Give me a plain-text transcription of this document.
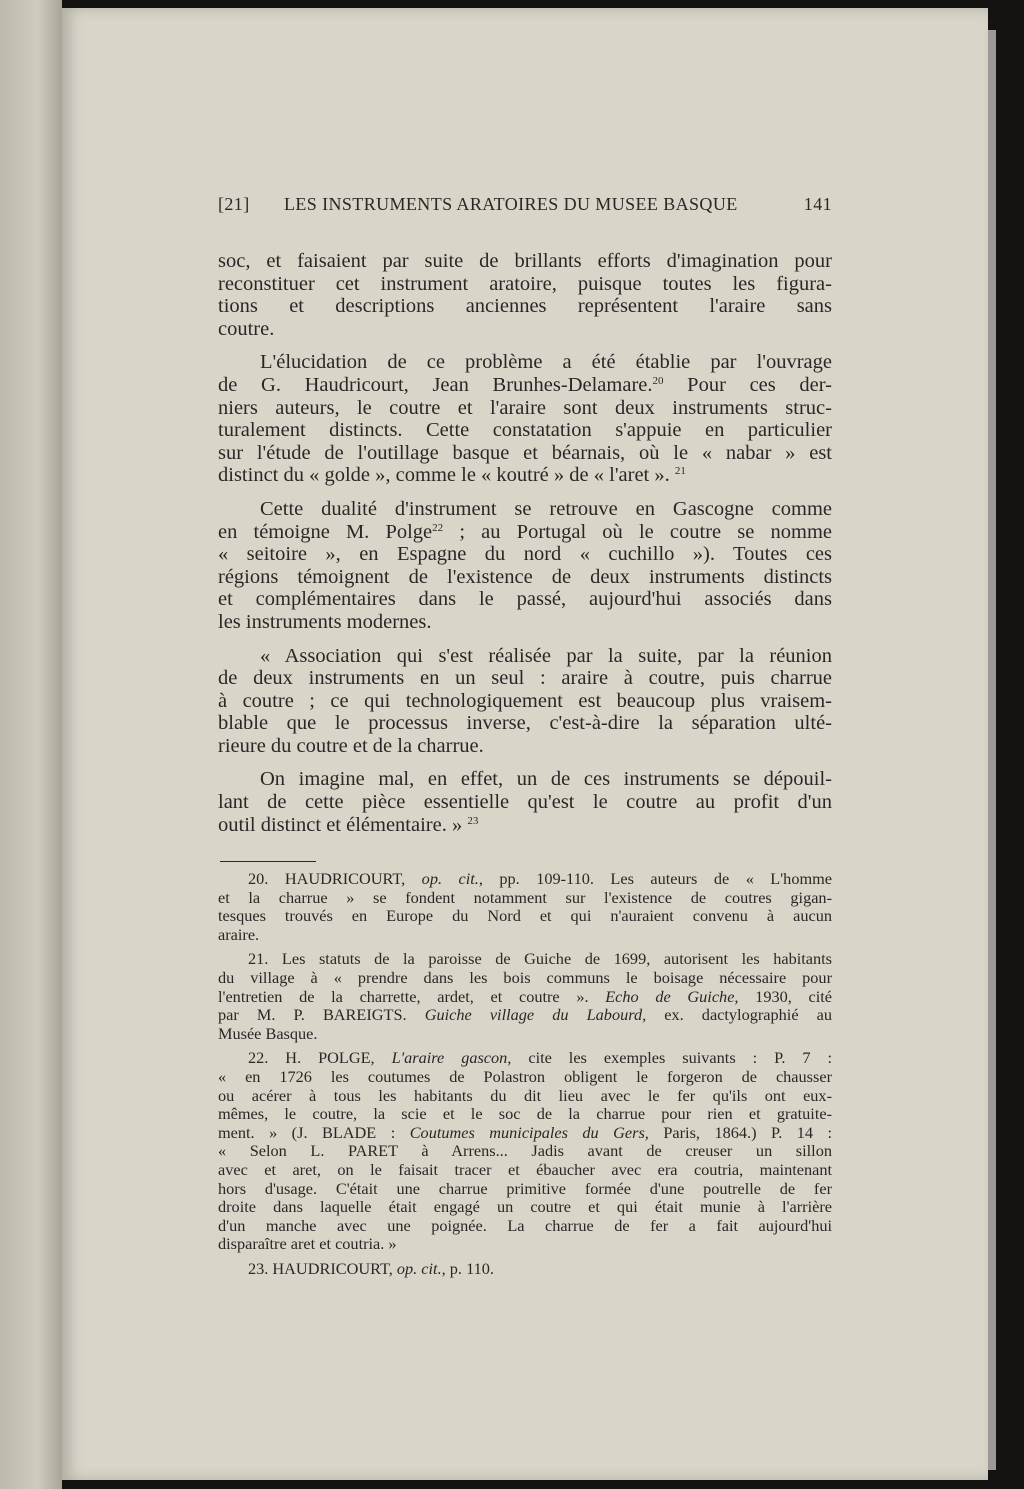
[21] LES INSTRUMENTS ARATOIRES DU MUSEE BASQUE	141
soc, et faisaient par suite de brillants efforts d'imagination pour
reconstituer cet instrument aratoire, puisque toutes les figura-
tions et descriptions anciennes représentent l'araire sans
coutre.
L'élucidation de ce problème a été établie par l'ouvrage
de G. Haudricourt, Jean Brunhes-Delamare.$^{20}$ Pour ces der-
niers auteurs, le coutre et l'araire sont deux instruments struc-
turalement distincts. Cette constatation s'appuie en particulier
sur l'étude de l'outillage basque et béarnais, où le « nabar » est
distinct du « golde », comme le « koutré » de « l'aret ». $^{21}$
Cette dualité d'instrument se retrouve en Gascogne comme
en témoigne M. Polge$^{22}$ ; au Portugal où le coutre se nomme
« seitoire », en Espagne du nord « cuchillo »). Toutes ces
régions témoignent de l'existence de deux instruments distincts
et complémentaires dans le passé, aujourd'hui associés dans
les instruments modernes.
« Association qui s'est réalisée par la suite, par la réunion
de deux instruments en un seul : araire à coutre, puis charrue
à coutre ; ce qui technologiquement est beaucoup plus vraisem-
blable que le processus inverse, c'est-à-dire la séparation ulté-
rieure du coutre et de la charrue.
On imagine mal, en effet, un de ces instruments se dépouil-
lant de cette pièce essentielle qu'est le coutre au profit d'un
outil distinct et élémentaire. » $^{23}$
20. HAUDRICOURT, op. cit., pp. 109-110. Les auteurs de « L'homme
et la charrue » se fondent notamment sur l'existence de coutres gigan-
tesques trouvés en Europe du Nord et qui n'auraient convenu à aucun
araire.
21. Les statuts de la paroisse de Guiche de 1699, autorisent les habitants
du village à « prendre dans les bois communs le boisage nécessaire pour
l'entretien de la charrette, ardet, et coutre ». Echo de Guiche, 1930, cité
par M. P. BAREIGTS. Guiche village du Labourd, ex. dactylographié au
Musée Basque.
22. H. POLGE, L'araire gascon, cite les exemples suivants : P. 7 :
« en 1726 les coutumes de Polastron obligent le forgeron de chausser
ou acérer à tous les habitants du dit lieu avec le fer qu'ils ont eux-
mêmes, le coutre, la scie et le soc de la charrue pour rien et gratuite-
ment. » (J. BLADE : Coutumes municipales du Gers, Paris, 1864.) P. 14 :
« Selon L. PARET à Arrens... Jadis avant de creuser un sillon
avec et aret, on le faisait tracer et ébaucher avec era coutria, maintenant
hors d'usage. C'était une charrue primitive formée d'une poutrelle de fer
droite dans laquelle était engagé un coutre et qui était munie à l'arrière
d'un manche avec une poignée. La charrue de fer a fait aujourd'hui
disparaître aret et coutria. »
23. HAUDRICOURT, op. cit., p. 110.
